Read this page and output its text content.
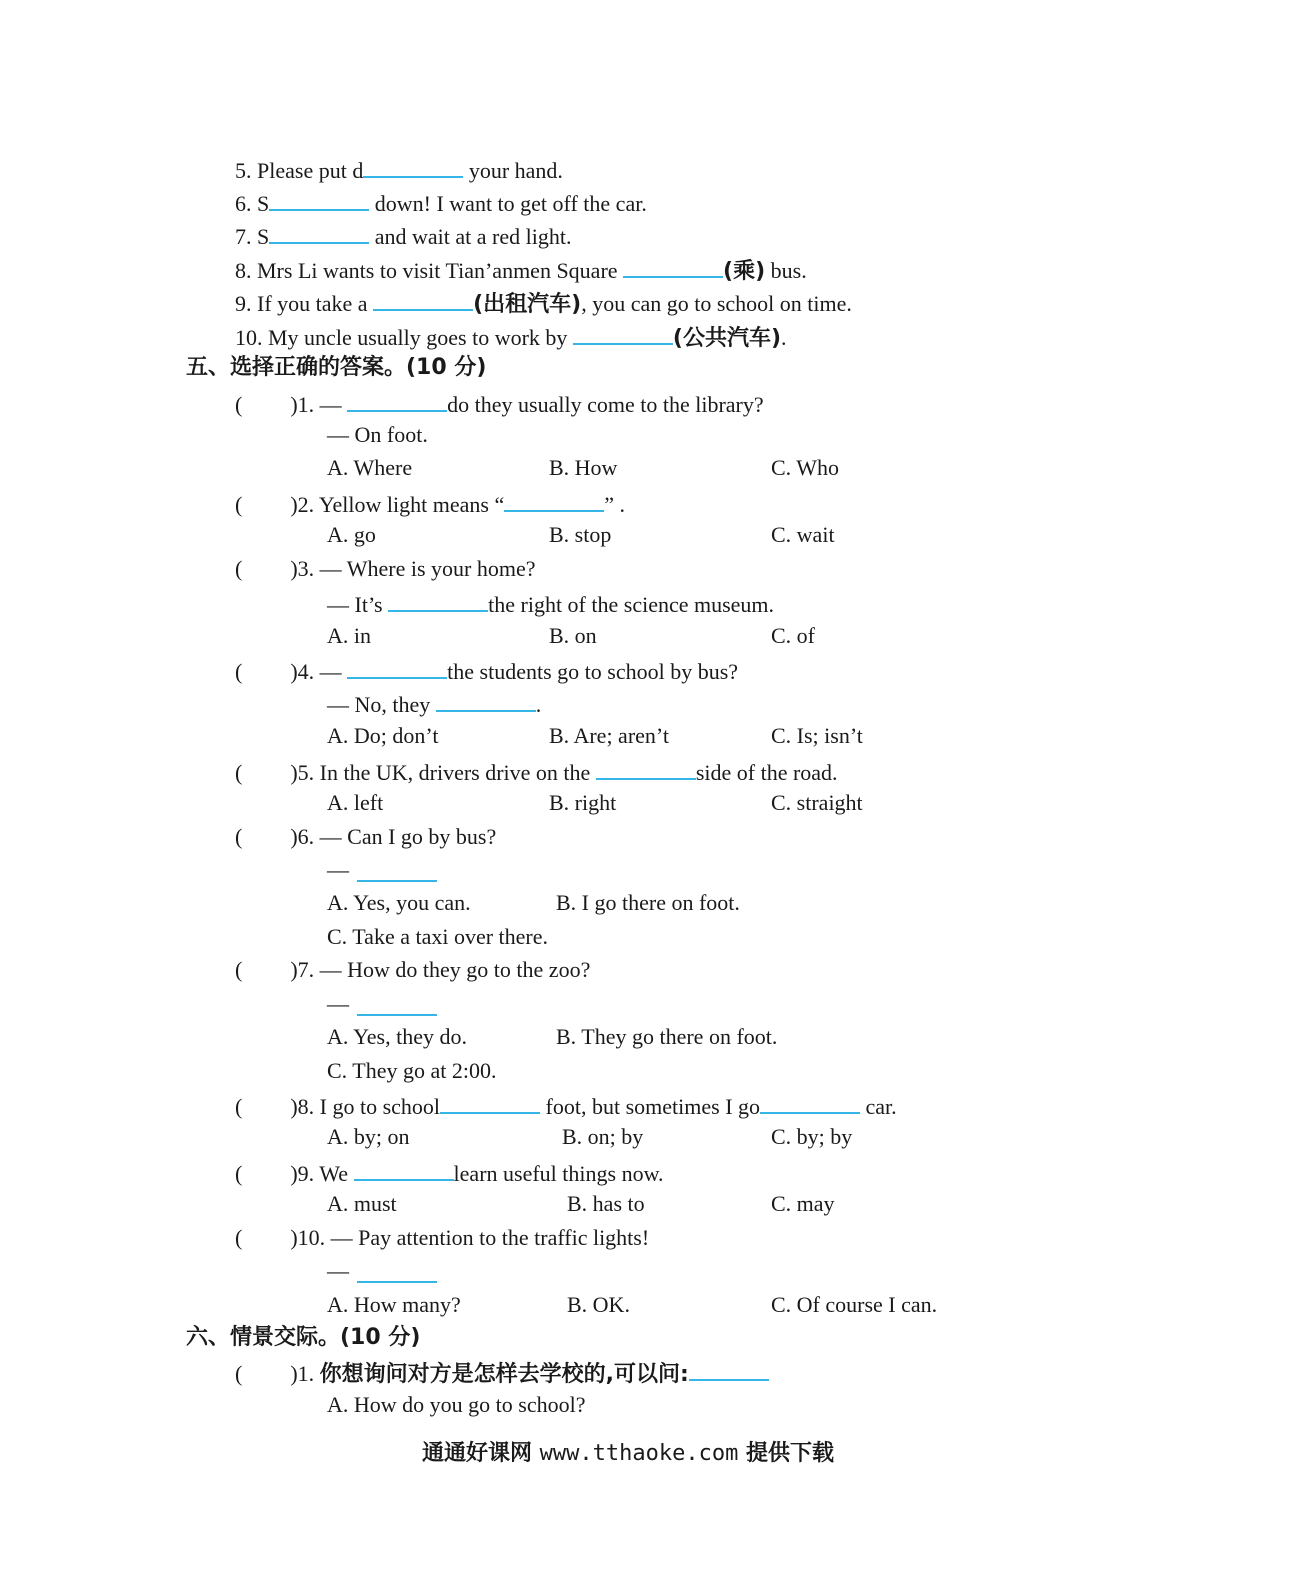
5. Please put d	your hand.
6. S	down! I want to get off the car.
7. S	and wait at a red light.
8. Mrs Li wants to visit Tian’anmen Square	(乘) bus.
9. If you take a	(出租汽车), you can go to school on time.
10. My uncle usually goes to work by	(公共汽车).
五、选择正确的答案。(10 分)
( )1. —	do they usually come to the library?
— On foot.
A. Where	B. How	C. Who
( )2. Yellow light means “	” .
A. go	B. stop	C. wait
( )3. — Where is your home?
— It’s	the right of the science museum.
A. in	B. on	C. of
( )4. —	the students go to school by bus?
— No, they	.
A. Do; don’t	B. Are; aren’t	C. Is; isn’t
( )5. In the UK, drivers drive on the	side of the road.
A. left	B. right	C. straight
( )6. — Can I go by bus?
—
A. Yes, you can.	B. I go there on foot.
C. Take a taxi over there.
( )7. — How do they go to the zoo?
—
A. Yes, they do.	B. They go there on foot.
C. They go at 2:00.
( )8. I go to school	foot, but sometimes I go	car.
A. by; on	B. on; by	C. by; by
( )9. We	learn useful things now.
A. must	B. has to	C. may
( )10. — Pay attention to the traffic lights!
—
A. How many?	B. OK.	C. Of course I can.
六、情景交际。(10 分)
( )1. 你想询问对方是怎样去学校的,可以问:
A. How do you go to school?
通通好课网 www.tthaoke.com 提供下载
